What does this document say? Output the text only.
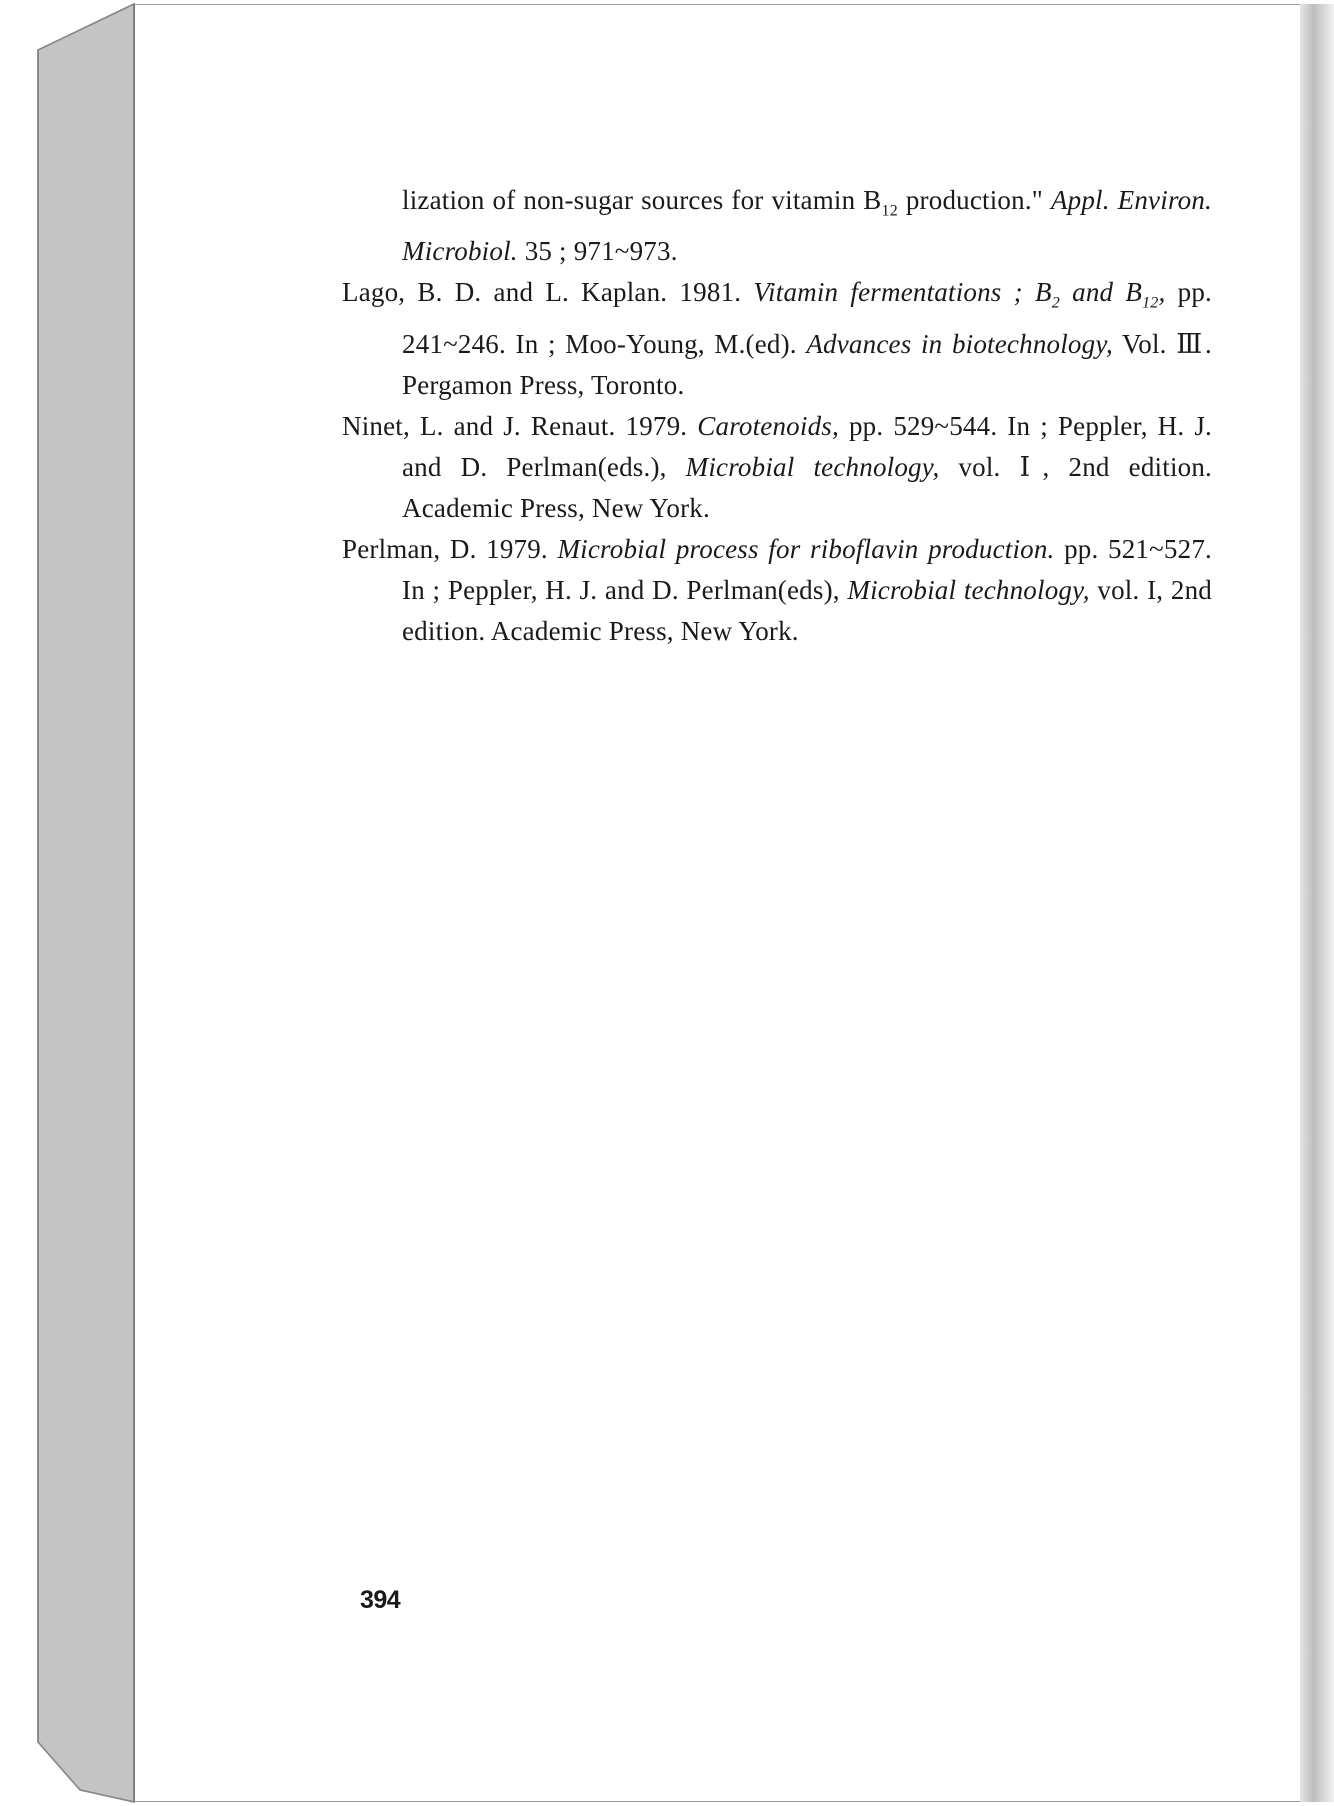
lization of non-sugar sources for vitamin $B_{12}$ production." Appl. Environ. Microbiol. 35 ; 971~973.

Lago, B. D. and L. Kaplan. 1981. Vitamin fermentations ; $B_2$ and $B_{12}$, pp. 241~246. In ; Moo-Young, M.(ed). Advances in biotechnology, Vol. Ⅲ. Pergamon Press, Toronto.

Ninet, L. and J. Renaut. 1979. Carotenoids, pp. 529~544. In ; Peppler, H. J. and D. Perlman(eds.), Microbial technology, vol. Ⅰ, 2nd edition. Academic Press, New York.

Perlman, D. 1979. Microbial process for riboflavin production. pp. 521~527. In ; Peppler, H. J. and D. Perlman(eds), Microbial technology, vol. I, 2nd edition. Academic Press, New York.

394
